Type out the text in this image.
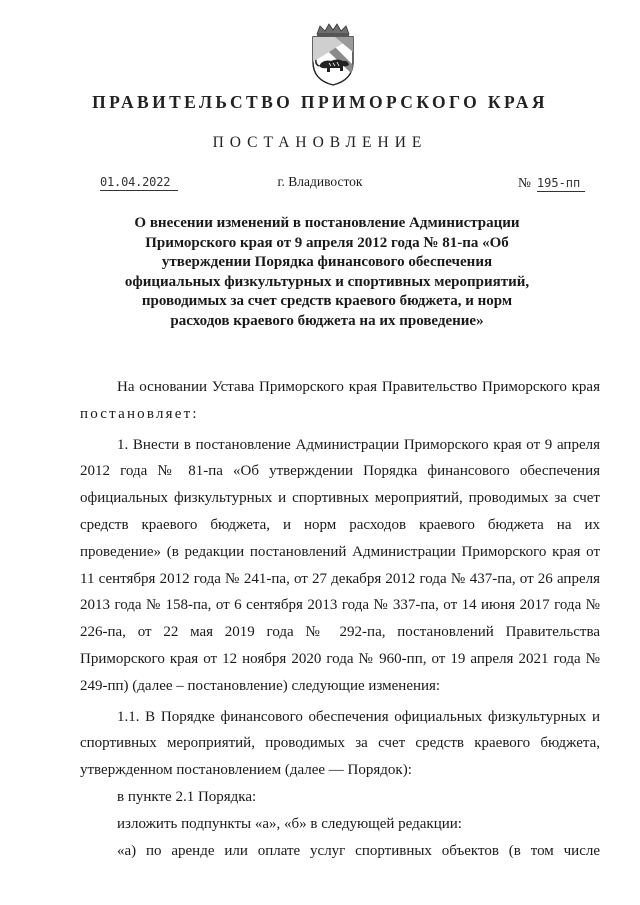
ПРАВИТЕЛЬСТВО ПРИМОРСКОГО КРАЯ
ПОСТАНОВЛЕНИЕ
01.04.2022	г. Владивосток	№ 195-пп
О внесении изменений в постановление Администрации Приморского края от 9 апреля 2012 года № 81-па «Об утверждении Порядка финансового обеспечения официальных физкультурных и спортивных мероприятий, проводимых за счет средств краевого бюджета, и норм расходов краевого бюджета на их проведение»

На основании Устава Приморского края Правительство Приморского края постановляет:

1. Внести в постановление Администрации Приморского края от 9 апреля 2012 года № 81-па «Об утверждении Порядка финансового обеспечения официальных физкультурных и спортивных мероприятий, проводимых за счет средств краевого бюджета, и норм расходов краевого бюджета на их проведение» (в редакции постановлений Администрации Приморского края от 11 сентября 2012 года № 241-па, от 27 декабря 2012 года № 437-па, от 26 апреля 2013 года № 158-па, от 6 сентября 2013 года № 337-па, от 14 июня 2017 года № 226-па, от 22 мая 2019 года № 292-па, постановлений Правительства Приморского края от 12 ноября 2020 года № 960-пп, от 19 апреля 2021 года № 249-пп) (далее – постановление) следующие изменения:

1.1. В Порядке финансового обеспечения официальных физкультурных и спортивных мероприятий, проводимых за счет средств краевого бюджета, утвержденном постановлением (далее — Порядок):

в пункте 2.1 Порядка:

изложить подпункты «а», «б» в следующей редакции:

«а) по аренде или оплате услуг спортивных объектов (в том числе
